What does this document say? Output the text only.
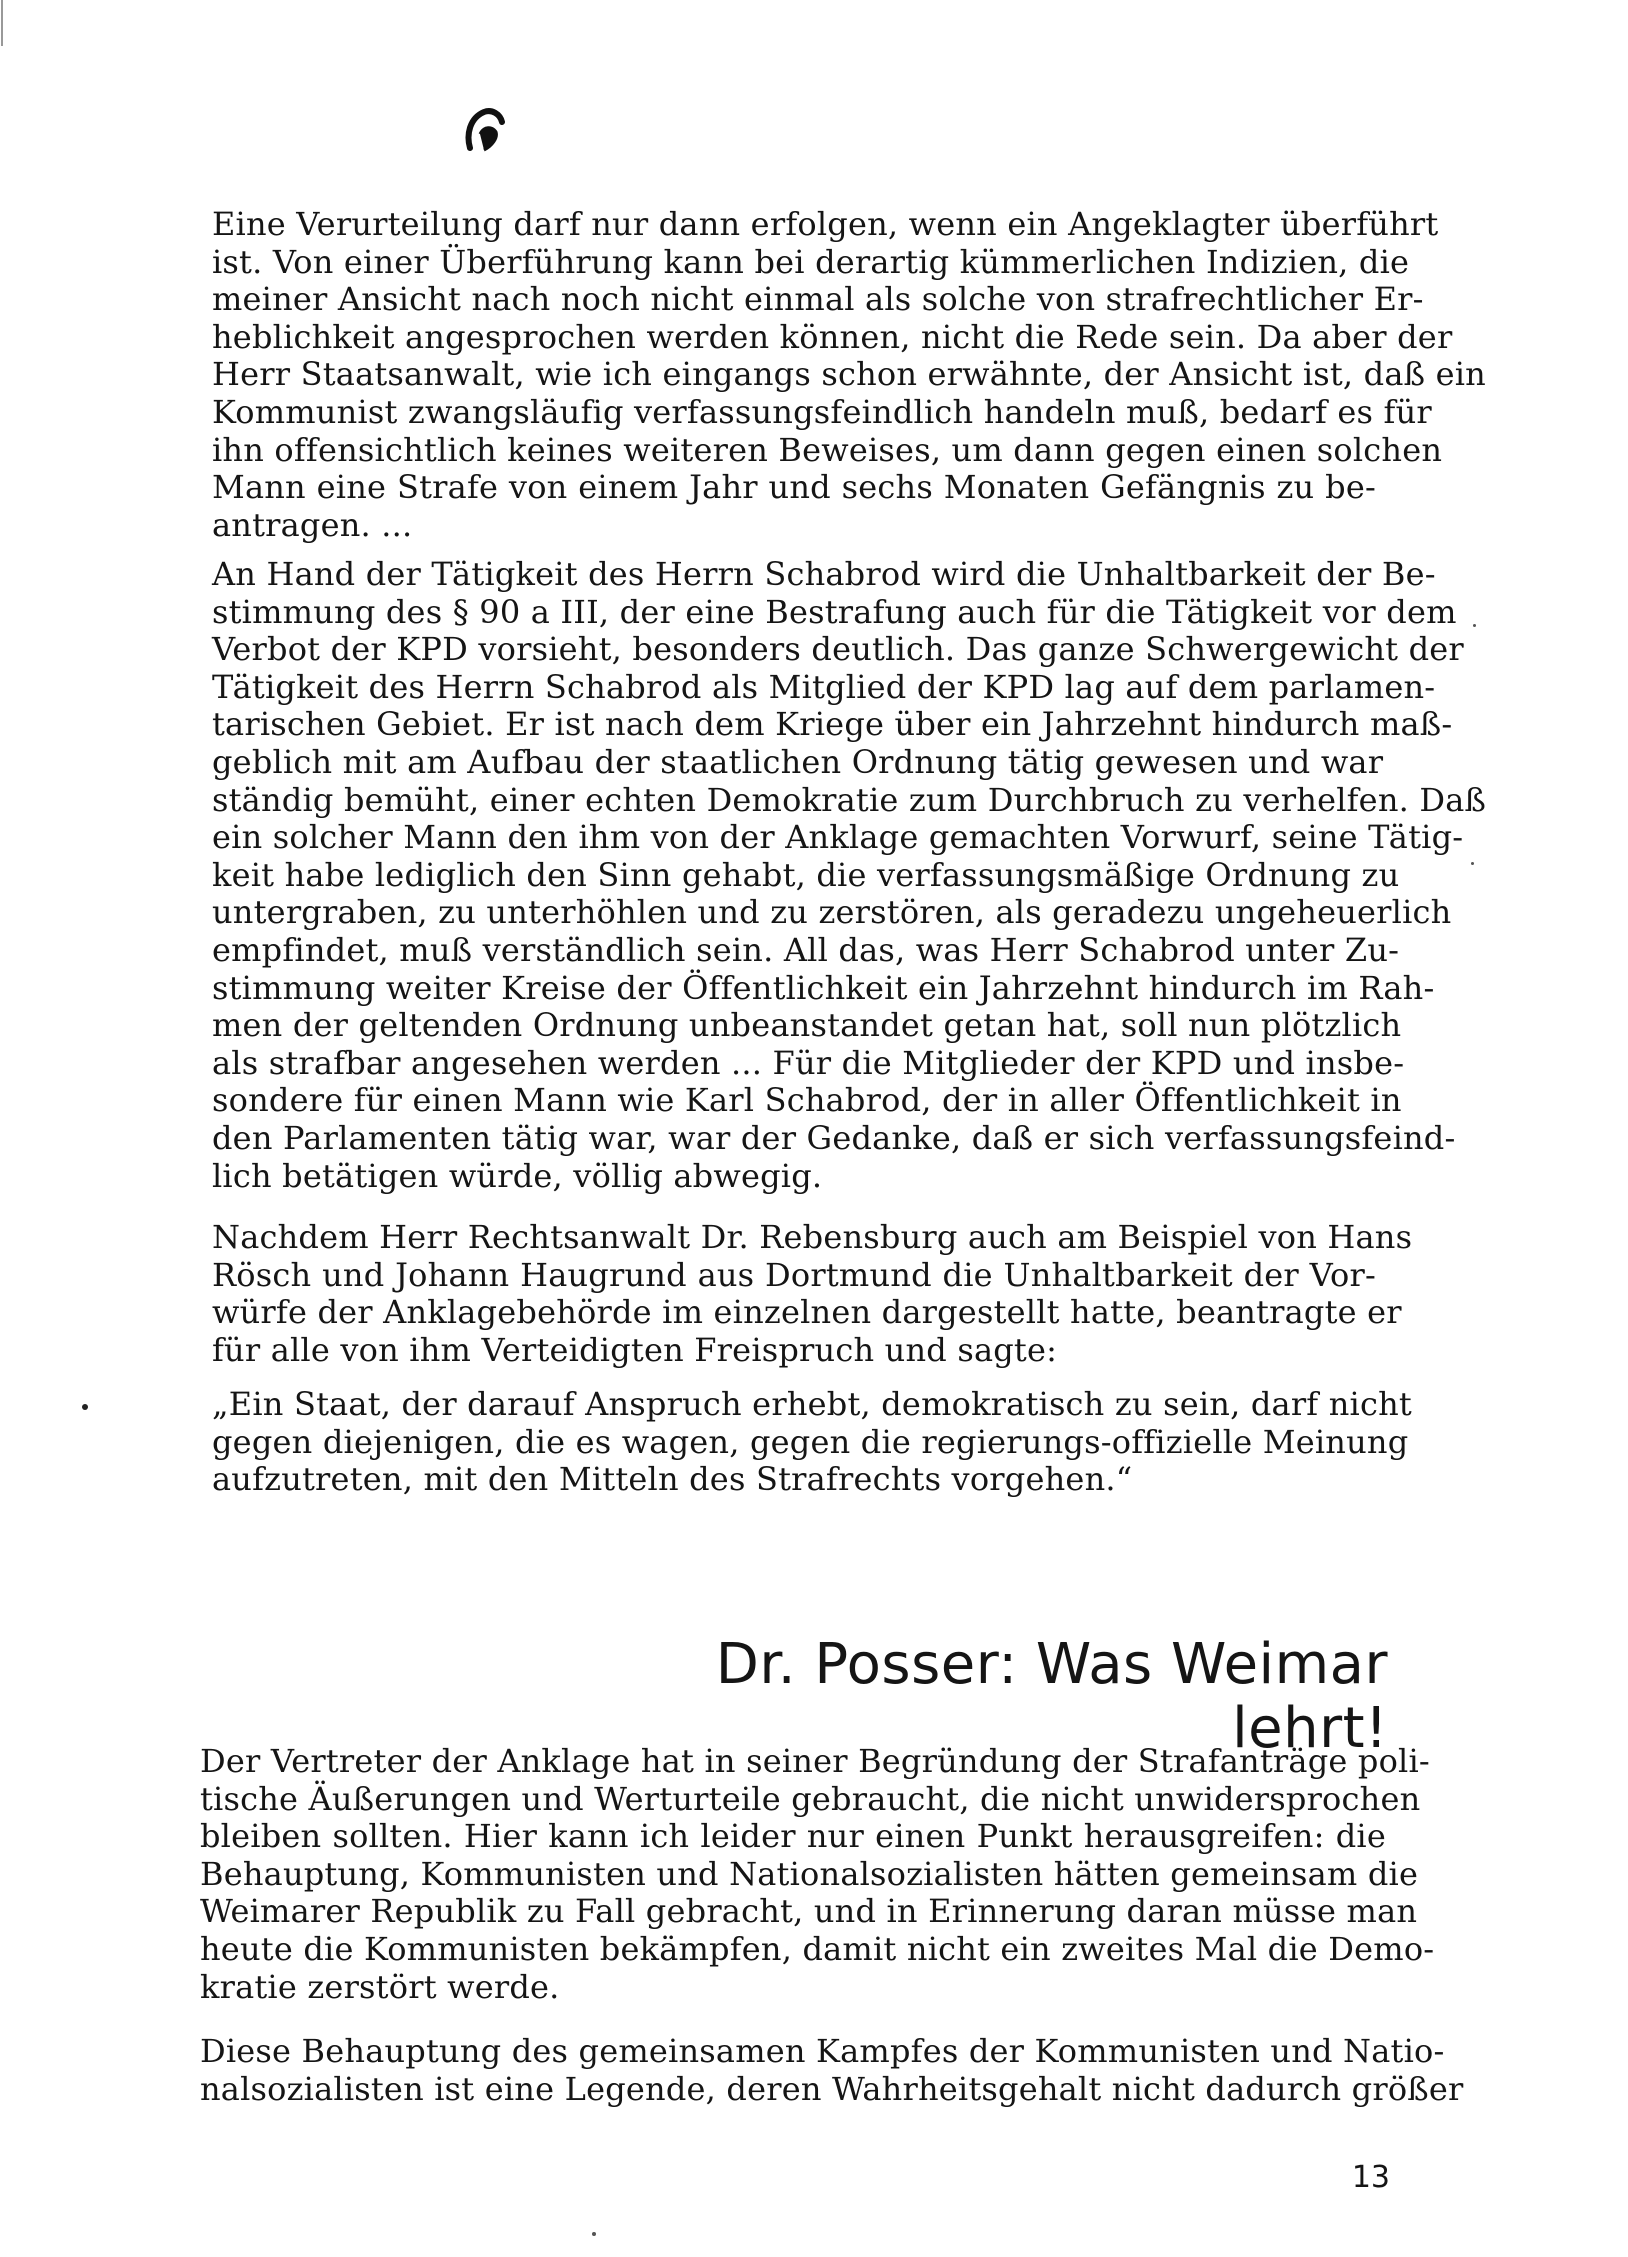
Eine Verurteilung darf nur dann erfolgen, wenn ein Angeklagter überführt
ist. Von einer Überführung kann bei derartig kümmerlichen Indizien, die
meiner Ansicht nach noch nicht einmal als solche von strafrechtlicher Er-
heblichkeit angesprochen werden können, nicht die Rede sein. Da aber der
Herr Staatsanwalt, wie ich eingangs schon erwähnte, der Ansicht ist, daß ein
Kommunist zwangsläufig verfassungsfeindlich handeln muß, bedarf es für
ihn offensichtlich keines weiteren Beweises, um dann gegen einen solchen
Mann eine Strafe von einem Jahr und sechs Monaten Gefängnis zu be-
antragen. ...
An Hand der Tätigkeit des Herrn Schabrod wird die Unhaltbarkeit der Be-
stimmung des § 90 a III, der eine Bestrafung auch für die Tätigkeit vor dem
Verbot der KPD vorsieht, besonders deutlich. Das ganze Schwergewicht der
Tätigkeit des Herrn Schabrod als Mitglied der KPD lag auf dem parlamen-
tarischen Gebiet. Er ist nach dem Kriege über ein Jahrzehnt hindurch maß-
geblich mit am Aufbau der staatlichen Ordnung tätig gewesen und war
ständig bemüht, einer echten Demokratie zum Durchbruch zu verhelfen. Daß
ein solcher Mann den ihm von der Anklage gemachten Vorwurf, seine Tätig-
keit habe lediglich den Sinn gehabt, die verfassungsmäßige Ordnung zu
untergraben, zu unterhöhlen und zu zerstören, als geradezu ungeheuerlich
empfindet, muß verständlich sein. All das, was Herr Schabrod unter Zu-
stimmung weiter Kreise der Öffentlichkeit ein Jahrzehnt hindurch im Rah-
men der geltenden Ordnung unbeanstandet getan hat, soll nun plötzlich
als strafbar angesehen werden ... Für die Mitglieder der KPD und insbe-
sondere für einen Mann wie Karl Schabrod, der in aller Öffentlichkeit in
den Parlamenten tätig war, war der Gedanke, daß er sich verfassungsfeind-
lich betätigen würde, völlig abwegig.
Nachdem Herr Rechtsanwalt Dr. Rebensburg auch am Beispiel von Hans
Rösch und Johann Haugrund aus Dortmund die Unhaltbarkeit der Vor-
würfe der Anklagebehörde im einzelnen dargestellt hatte, beantragte er
für alle von ihm Verteidigten Freispruch und sagte:
„Ein Staat, der darauf Anspruch erhebt, demokratisch zu sein, darf nicht
gegen diejenigen, die es wagen, gegen die regierungs-offizielle Meinung
aufzutreten, mit den Mitteln des Strafrechts vorgehen.“
Dr. Posser: Was Weimar lehrt!
Der Vertreter der Anklage hat in seiner Begründung der Strafanträge poli-
tische Äußerungen und Werturteile gebraucht, die nicht unwidersprochen
bleiben sollten. Hier kann ich leider nur einen Punkt herausgreifen: die
Behauptung, Kommunisten und Nationalsozialisten hätten gemeinsam die
Weimarer Republik zu Fall gebracht, und in Erinnerung daran müsse man
heute die Kommunisten bekämpfen, damit nicht ein zweites Mal die Demo-
kratie zerstört werde.
Diese Behauptung des gemeinsamen Kampfes der Kommunisten und Natio-
nalsozialisten ist eine Legende, deren Wahrheitsgehalt nicht dadurch größer

13
